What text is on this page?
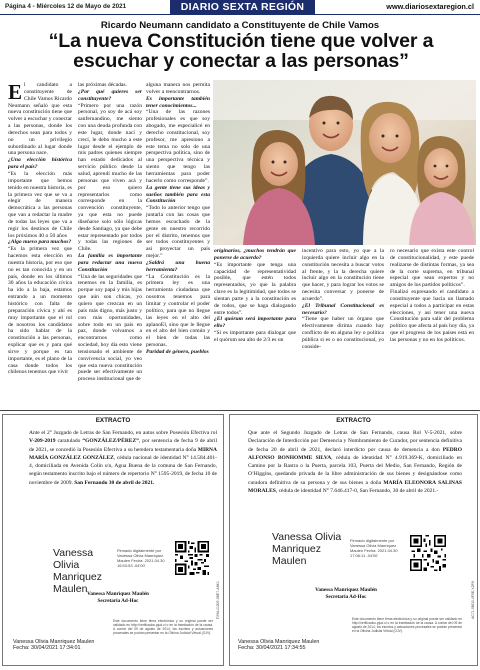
Página 4 - Miércoles 12 de Mayo de 2021	DIARIO SEXTA REGIÓN	www.diariosextaregion.cl
Ricardo Neumann candidato a Constituyente de Chile Vamos
“La nueva Constitución tiene que volver a escuchar y conectar a las personas”

El candidato a constituyente de Chile Vamos Ricardo Neumann señaló que esta nueva constitución tiene que volver a escuchar y conectar a las personas, donde los derechos sean para todos y no un privilegio subordinado al lugar donde una persona nace.

¿Una elección histórica para el país?

“Es la elección más importante que hemos tenido en nuestra historia, es la primera vez que se va a elegir de manera democrática a las personas que van a redactar la madre de todas las leyes que va a regir los destinos de Chile los próximos 40 o 50 años

¿Algo nuevo para muchos?

“Es la primera vez que hacemos esta elección en nuestra historia, por eso que no es tan conocida y en un país, donde en los últimos 30 años la educación cívica ha ido a la baja, estamos entrando a un momento histórico con falta de preparación cívica y ahí es muy importante que el rol de nosotros los candidatos ha sido hablar de la constitución a las personas, explicar que es y para qué sirve y porque es tan importante, es el plano de la casa donde todos los chilenos tenemos que vivir

las próximas décadas.

¿Por qué quieres ser constituyente?

“Primero por una razón personal, yo soy de acá soy sanfernandino, me siento con una deuda profunda con este lugar, donde nací y crecí, le debo mucho a este lugar desde el ejemplo de mis padres quienes siempre han estado dedicados al servicio público desde la salud, aprendí mucho de las personas que viven acá y por eso quiero representarlos como corresponde en la convención constituyente, ya que esta no puede diseñarse solo sólo lógicas desde Santiago, ya que debe estar representado por todos y todas las regiones de Chile.

La familia es importante para redactar una nueva Constitución

“Una de las seguridades que tenemos en la familia, es porque soy papá y mis hijas que aún son chicas, yo quiero que crezcan en un país más digno, más justo y con más oportunidades, sobre todo en un país en paz, donde volvamos a encontrarnos como sociedad, hoy día esto viene tensionado el ambiente de convivencia social, yo veo que esta nueva constitución puede ser efectivamente un proceso institucional que de

alguna manera nos permita volver a reencontrarnos.

Es importante también tener conocimientos...

“Una de las razones profesionales es que soy abogado, me especialicé en derecho constitucional, soy profesor, me apresiono a este tema no solo de una perspectiva política, sino de una perspectiva técnica y siento que tengo las herramientas para poder hacerlo como corresponde”.

La gente tiene sus ideas y sueños también para esta Constitución

“Todo lo anterior tengo que juntarla con las cosas que hemos escuchado de la gente en nuestro recorrido por el distrito, tenemos que ser todos constituyentes y así proyectar un país mejor.”

¿Saldrá una buena herramienta?

“La Constitución es la primera ley es una herramienta ciudadana que nosotros tenemos para limitar y controlar el poder político, para que no llegue las leyes en el alto del aplanoEl, sino que le llegue en el alto del bien común y el bien de todas las personas.

Paridad de género, pueblos

originarios, ¿muchos tendrán que ponerse de acuerdo?

“Es importante que tenga una capacidad de representatividad posible, que estén todos representados, yo que la palabra clave es la legitimidad, que todos se sientan parte y a la constitución es de todos, que se haga dialogando entre todos”.

¿El quórum será importante para ello?

“Si es importante para dialogar que el quórum sea alto de 2/3 es un

incentivo para esto, yo que a la izquierda quiere incluir algo en la constitución necesita a buscar votos al frente, y la la derecha quiere incluir algo en la constitución tiene que hacer, y para lograr los votos se necesita conversar y ponerse de acuerdo”.

¿El Tribunal Constitucional es necesario?

“Tiene que haber un órgano que efectivamente dirima cuando hay conflicto de en alguna ley o política pública si es o no constitucional, yo conside-

ro necesario que exista este control de constitucionalidad, y este puede realizarse de distintas formas, ya sea de la corte suprema, en tribunal especial que sean expertos y no amigos de los partidos políticos”.

Finalizó expresando el candidato a constituyente que hacia un llamado especial a todos a participar en estas elecciones, y así tener una nueva Constitución para salir del problema político que afecta al país hoy día, ya que el progreso de los países está en las personas y no en los políticos.

EXTRACTO
Ante el 2° Juzgado de Letras de San Fernando, en autos sobre Posesión Efectiva rol V-209-2019 caratulado “GONZÁLEZ/PÉREZ”, por sentencia de fecha 9 de abril de 2021, se concedió la Posesión Efectiva a su heredera testamentaria doña MIRNA MARÍA GONZÁLEZ GONZÁLEZ, cédula nacional de identidad N° 14.584.401-4, domiciliada en Avenida Colín s/n, Agua Buena de la comuna de San Fernando, según testamento inscrito bajo el número de repertorio N° 1595-2019, de fecha 10 de noviembre de 2009. San Fernando 30 de abril de 2021.
Vanessa Olivia Manriquez Maulen
Firmado digitalmente por Vanessa Olivia Manriquez Maulen Fecha: 2021.04.30 16:53:53 -04'00'
Vanessa Manríquez Maulén
Secretaria Ad-Hoc	F29A-C4D9-3BE7-A8K1
Este documento tiene firma electrónica y su original puede ser validado en http://verificadoc.pjud.cl o en la tramitación de la causa. A contar del 09 de agosto de 2014, los escritos y actuaciones procesales se podrán presentar en la Oficina Judicial Virtual (OJV).
Vanessa Olivia Manriquez Maulen
Fecha: 30/04/2021 17:34:01
EXTRACTO
Que ante el Segundo Juzgado de Letras de San Fernando, causa Rol V-5-2021, sobre Declaración de Interdicción por Demencia y Nombramiento de Curador, por sentencia definitiva de fecha 20 de abril de 2021, declaró interdicto por causa de demencia a don PEDRO ALFONSO BONHOMME SILVA, cédula de identidad N° 4.919.369-K, domiciliado en Camino por la Rastra o la Puerta, parcela 103, Puerta del Medio, San Fernando, Región de O’Higgins, quedando privada de la libre administración de sus bienes y designándose como curadora definitiva de su persona y de sus bienes a doña MARÍA ELEONORA SALINAS MORALES, cédula de identidad N° 7.646.417-0, San Fernando, 30 de abril de 2021.-
Vanessa Olivia Manriquez Maulen
Firmado digitalmente por Vanessa Olivia Manriquez Maulen Fecha: 2021.04.30 17:06:11 -04'00'
Vanessa Manríquez Maulén
Secretaria Ad-Hoc	AC71-9BD2-4F5E-X2P8
Este documento tiene firma electrónica y su original puede ser validado en http://verificadoc.pjud.cl o en la tramitación de la causa. A contar del 09 de agosto de 2014, los escritos y actuaciones procesales se podrán presentar en la Oficina Judicial Virtual (OJV).
Vanessa Olivia Manriquez Maulen
Fecha: 30/04/2021 17:34:55
